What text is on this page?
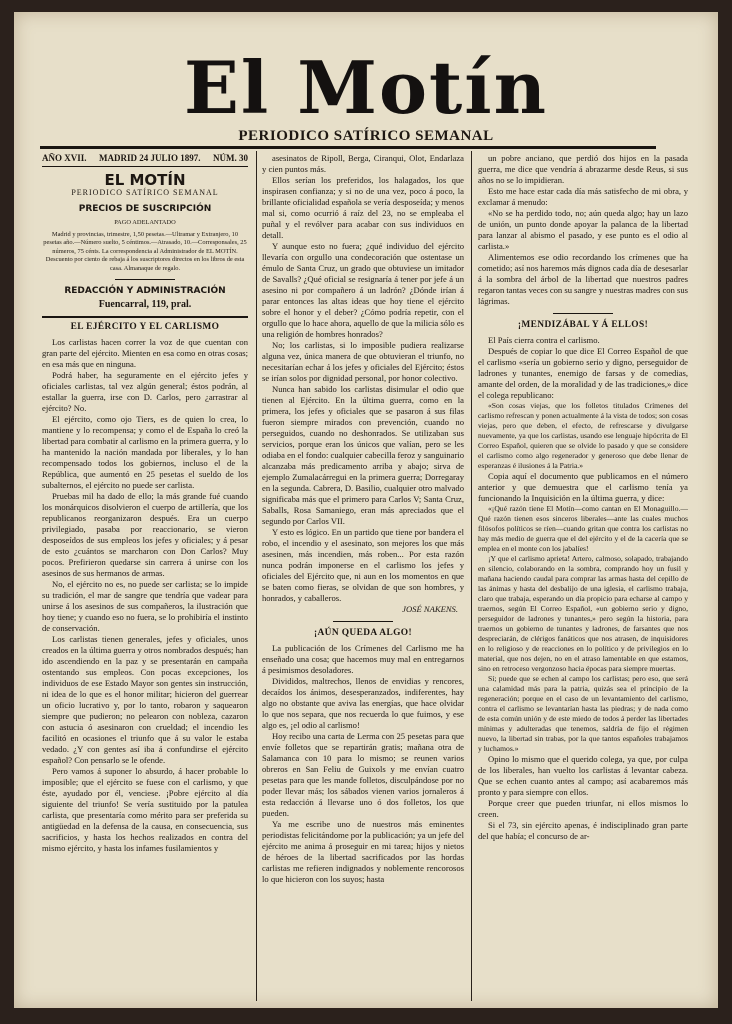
El Motín
PERIODICO SATÍRICO SEMANAL
AÑO XVII. MADRID 24 JULIO 1897. NÚM. 30
EL MOTÍN
PERIODICO SATÍRICO SEMANAL
PRECIOS DE SUSCRIPCIÓN
PAGO ADELANTADO
Madrid y provincias, trimestre, 1,50 pesetas.—Ultramar y Extranjero, 10 pesetas año.—Número suelto, 5 céntimos.—Atrasado, 10.—Corresponsales, 25 números, 75 cénts. La correspondencia al Administrador de EL MOTÍN. Descuento por ciento de rebaja á los suscriptores directos en los libros de esta casa. Almanaque de regalo.
REDACCIÓN Y ADMINISTRACIÓN
Fuencarral, 119, pral.
EL EJÉRCITO Y EL CARLISMO

Los carlistas hacen correr la voz de que cuentan con gran parte del ejército. Mienten en esa como en otras cosas; en esa más que en ninguna.

Podrá haber, ha seguramente en el ejército jefes y oficiales carlistas, tal vez algún general; éstos podrán, al estallar la guerra, irse con D. Carlos, pero ¿arrastrar al ejército? No.

El ejército, como ojo Tiers, es de quien lo crea, lo mantiene y lo recompensa; y como el de España lo creó la libertad para combatir al carlismo en la primera guerra, y lo ha mantenido la nación mandada por liberales, y lo han recompensado todos los gobiernos, incluso el de la República, que aumentó en 25 pesetas el sueldo de los subalternos, el ejército no puede ser carlista.

Pruebas mil ha dado de ello; la más grande fué cuando los monárquicos disolvieron el cuerpo de artillería, que los republicanos reorganizaron después. Era un cuerpo privilegiado, pasaba por reaccionario, se vieron desposeídos de sus empleos los jefes y oficiales; y á pesar de esto ¿cuántos se marcharon con Don Carlos? Muy pocos. Prefirieron quedarse sin carrera á unirse con los asesinos de sus hermanos de armas.

No, el ejército no es, no puede ser carlista; se lo impide su tradición, el mar de sangre que tendría que vadear para unirse á los asesinos de sus compañeros, la ilustración que hoy tiene; y cuando eso no fuera, se lo prohibiría el instinto de conservación.

Los carlistas tienen generales, jefes y oficiales, unos creados en la última guerra y otros nombrados después; han ido ascendiendo en la paz y se presentarán en campaña ostentando sus empleos. Con pocas excepciones, los individuos de ese Estado Mayor son gentes sin instrucción, ni idea de lo que es el honor militar; hicieron del guerrear un oficio lucrativo y, por lo tanto, robaron y saquearon siempre que pudieron; no pelearon con nobleza, cazaron con astucia ó asesinaron con crueldad; el incendio les facilitó en ocasiones el triunfo que á su valor le estaba vedado. ¿Y con gentes así iba á confundirse el ejército español? Con pensarlo se le ofende.

Pero vamos á suponer lo absurdo, á hacer probable lo imposible; que el ejército se fuese con el carlismo, y que éste, ayudado por él, venciese. ¡Pobre ejército al día siguiente del triunfo! Se vería sustituido por la patulea carlista, que presentaría como mérito para ser preferida su antigüedad en la defensa de la causa, en consecuencia, sus sacrificios, y hasta los hechos realizados en contra del mismo ejército, y hasta los infames fusilamientos y

asesinatos de Ripoll, Berga, Ciranqui, Olot, Endarlaza y cien puntos más.

Ellos serían los preferidos, los halagados, los que inspirasen confianza; y si no de una vez, poco á poco, la brillante oficialidad española se vería desposeída; y menos mal si, como ocurrió á raíz del 23, no se empleaba el puñal y el revólver para acabar con sus individuos en detall.

Y aunque esto no fuera; ¿qué individuo del ejército llevaría con orgullo una condecoración que ostentase un émulo de Santa Cruz, un grado que obtuviese un imitador de Savalls? ¿Qué oficial se resignaría á tener por jefe á un asesino ni por compañero á un ladrón? ¿Dónde irían á parar entonces las altas ideas que hoy tiene el ejército sobre el honor y el deber? ¿Cómo podría repetir, con el orgullo que lo hace ahora, aquello de que la milicia sólo es una religión de hombres honrados?

No; los carlistas, si lo imposible pudiera realizarse alguna vez, única manera de que obtuvieran el triunfo, no necesitarían echar á los jefes y oficiales del Ejército; éstos se irían solos por dignidad personal, por honor colectivo.

Nunca han sabido los carlistas disimular el odio que tienen al Ejército. En la última guerra, como en la primera, los jefes y oficiales que se pasaron á sus filas fueron siempre mirados con prevención, cuando no perseguidos, cuando no deshonrados. Se utilizaban sus servicios, porque eran los únicos que valían, pero se les odiaba en el fondo: cualquier cabecilla feroz y sanguinario alcanzaba más predicamento arriba y abajo; sirva de ejemplo Zumalacárregui en la primera guerra; Dorregaray en la segunda. Cabrera, D. Basilio, cualquier otro malvado significaba más que el primero para Carlos V; Santa Cruz, Saballs, Rosa Samaniego, eran más apreciados que el segundo por Carlos VII.

Y esto es lógico. En un partido que tiene por bandera el robo, el incendio y el asesinato, son mejores los que más asesinen, más incendien, más roben... Por esta razón nunca podrán imponerse en el carlismo los jefes y oficiales del Ejército que, ni aun en los momentos en que se baten como fieras, se olvidan de que son hombres, y honrados, y caballeros.

JOSÉ NAKENS.
¡AÚN QUEDA ALGO!

La publicación de los Crímenes del Carlismo me ha enseñado una cosa; que hacemos muy mal en entregarnos á pesimismos desoladores.

Divididos, maltrechos, llenos de envidias y rencores, decaídos los ánimos, desesperanzados, indiferentes, hay algo no obstante que aviva las energías, que hace olvidar lo que nos separa, que nos recuerda lo que fuimos, y ese algo es, ¡el odio al carlismo!

Hoy recibo una carta de Lerma con 25 pesetas para que envíe folletos que se repartirán gratis; mañana otra de Salamanca con 10 para lo mismo; se reunen varios obreros en San Feliu de Guixols y me envían cuatro pesetas para que les mande folletos, disculpándose por no poder llevar más; los sábados vienen varios jornaleros á esta redacción á llevarse uno ó dos folletos, los que pueden.

Ya me escribe uno de nuestros más eminentes periodistas felicitándome por la publicación; ya un jefe del ejército me anima á proseguir en mi tarea; hijos y nietos de héroes de la libertad sacrificados por las hordas carlistas me refieren indignados y noblemente rencorosos lo que hicieron con los suyos; hasta

un pobre anciano, que perdió dos hijos en la pasada guerra, me dice que vendría á abrazarme desde Reus, si sus años no se lo impidieran.

Esto me hace estar cada día más satisfecho de mi obra, y exclamar á menudo:

«No se ha perdido todo, no; aún queda algo; hay un lazo de unión, un punto donde apoyar la palanca de la libertad para lanzar al abismo el pasado, y ese punto es el odio al carlista.»

Alimentemos ese odio recordando los crímenes que ha cometido; así nos haremos más dignos cada día de desesarlar á la sombra del árbol de la libertad que nuestros padres regaron tantas veces con su sangre y nuestras madres con sus lágrimas.

¡MENDIZÁBAL Y Á ELLOS!

El País cierra contra el carlismo.

Después de copiar lo que dice El Correo Español de que el carlismo «sería un gobierno serio y digno, perseguidor de ladrones y tunantes, enemigo de farsas y de comedias, amante del orden, de la moralidad y de las tradiciones,» dice el colega republicano:

«Son cosas viejas, que los folletos titulados Crímenes del carlismo refrescan y ponen actualmente á la vista de todos; son cosas viejas, pero que deben, el efecto, de refrescarse y divulgarse nuevamente, ya que los carlistas, usando ese lenguaje hipócrita de El Correo Español, quieren que se olvide lo pasado y que se considere el carlismo como algo regenerador y generoso que debe llenar de esperanzas é ilusiones á la Patria.»

Copia aquí el documento que publicamos en el número anterior y que demuestra que el carlismo tenía ya funcionando la Inquisición en la última guerra, y dice:

«¡Qué razón tiene El Motín—como cantan en El Monaguillo.—Qué razón tienen esos sinceros liberales—ante las cuales muchos filósofos políticos se ríen—cuando gritan que contra los carlistas no hay más medio de guerra que el del ejército y el de la cacería que se emplea en el monte con los jabalíes!

¡Y que el carlismo aprieta! Artero, calmoso, solapado, trabajando en silencio, colaborando en la sombra, comprando hoy un fusil y mañana haciendo caudal para comprar las armas hasta del cepillo de las ánimas y hasta del desbalijo de una iglesia, el carlismo trabaja, claro que trabaja, esperando un día propicio para echarse al campo y traernos, según El Correo Español, «un gobierno serio y digno, perseguidor de ladrones y tunantes,» pero según la historia, para traernos un gobierno de tunantes y ladrones, de farsantes que nos despreciarán, de clérigos fanáticos que nos atrasen, de inquisidores en lo religioso y de reacciones en lo político y de privilegios en lo material, que nos dejen, no en el atraso lamentable en que estamos, sino en retroceso vergonzoso hacia épocas para siempre muertas.

Sí; puede que se echen al campo los carlistas; pero eso, que será una calamidad más para la patria, quizás sea el principio de la regeneración; porque en el caso de un levantamiento del carlismo, contra el carlismo se levantarían hasta las piedras; y de nada como de esta común unión y de este miedo de todos á perder las libertades mínimas y adulteradas que tenemos, saldría de fijo el régimen nuevo, la libertad sin trabas, por la que tantos españoles trabajamos y luchamos.»

Opino lo mismo que el querido colega, ya que, por culpa de los liberales, han vuelto los carlistas á levantar cabeza. Que se echen cuanto antes al campo; así acabaremos más pronto y para siempre con ellos.

Porque creer que pueden triunfar, ni ellos mismos lo creen.

Si el 73, sin ejército apenas, é indisciplinado gran parte del que había; el concurso de ar-
